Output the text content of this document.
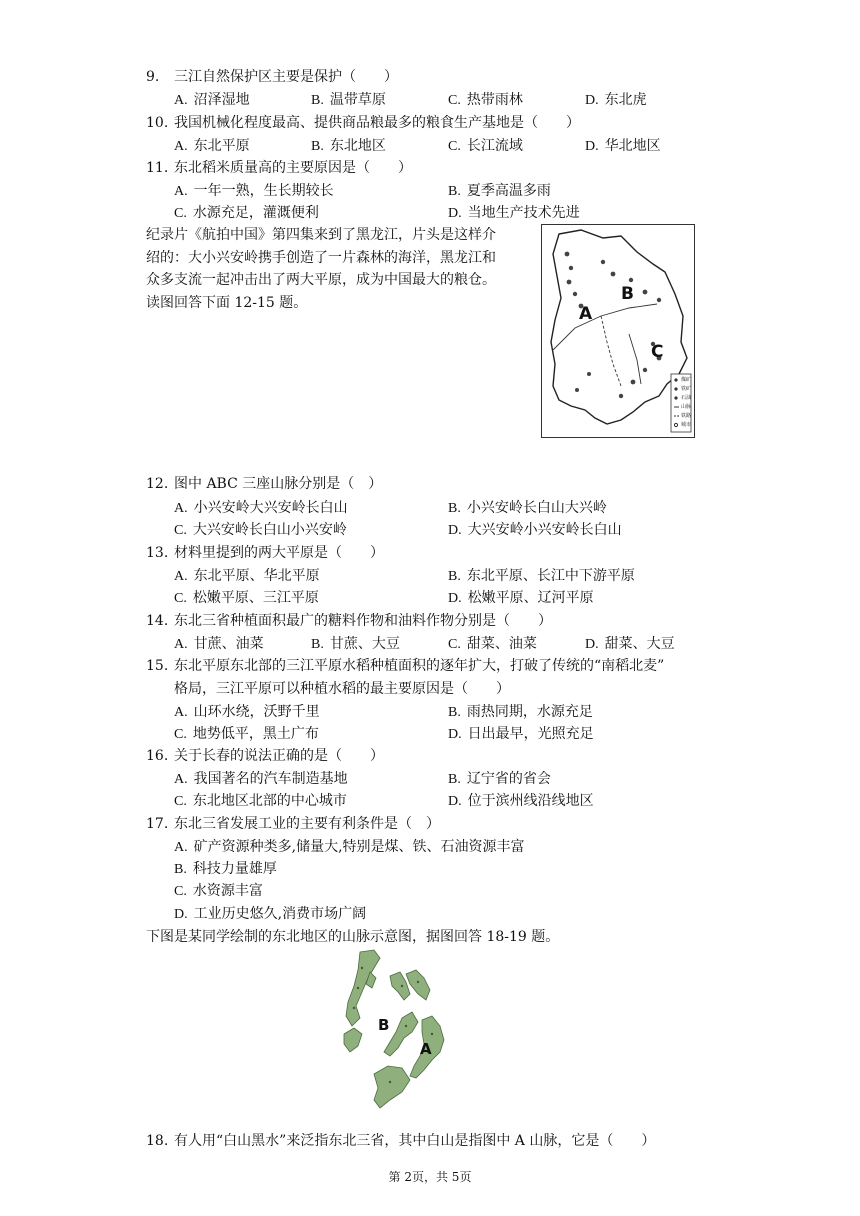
9. 三江自然保护区主要是保护（　　）
A. 沼泽湿地	B. 温带草原	C. 热带雨林	D. 东北虎
10. 我国机械化程度最高、提供商品粮最多的粮食生产基地是（　　）
A. 东北平原	B. 东北地区	C. 长江流域	D. 华北地区
11. 东北稻米质量高的主要原因是（　　）
A. 一年一熟，生长期较长	B. 夏季高温多雨
C. 水源充足，灌溉便利	D. 当地生产技术先进
纪录片《航拍中国》第四集来到了黑龙江，片头是这样介
绍的：大小兴安岭携手创造了一片森林的海洋，黑龙江和
众多支流一起冲击出了两大平原，成为中国最大的粮仓。
读图回答下面 12-15 题。
A
B
C
煤矿
铁矿
石油
山脉
铁路
城市
12. 图中 ABC 三座山脉分别是（　）
A. 小兴安岭大兴安岭长白山	B. 小兴安岭长白山大兴岭
C. 大兴安岭长白山小兴安岭	D. 大兴安岭小兴安岭长白山
13. 材料里提到的两大平原是（　　）
A. 东北平原、华北平原	B. 东北平原、长江中下游平原
C. 松嫩平原、三江平原	D. 松嫩平原、辽河平原
14. 东北三省种植面积最广的糖料作物和油料作物分别是（　　）
A. 甘蔗、油菜	B. 甘蔗、大豆	C. 甜菜、油菜	D. 甜菜、大豆
15. 东北平原东北部的三江平原水稻种植面积的逐年扩大，打破了传统的“南稻北麦”
格局，三江平原可以种植水稻的最主要原因是（　　）
A. 山环水绕，沃野千里	B. 雨热同期，水源充足
C. 地势低平，黑土广布	D. 日出最早，光照充足
16. 关于长春的说法正确的是（　　）
A. 我国著名的汽车制造基地	B. 辽宁省的省会
C. 东北地区北部的中心城市	D. 位于滨州线沿线地区
17. 东北三省发展工业的主要有利条件是（　）
A. 矿产资源种类多,储量大,特别是煤、铁、石油资源丰富
B. 科技力量雄厚
C. 水资源丰富
D. 工业历史悠久,消费市场广阔
下图是某同学绘制的东北地区的山脉示意图，据图回答 18-19 题。
B
A
18. 有人用“白山黑水”来泛指东北三省，其中白山是指图中 A 山脉，它是（　　）
第 2页，共 5页
